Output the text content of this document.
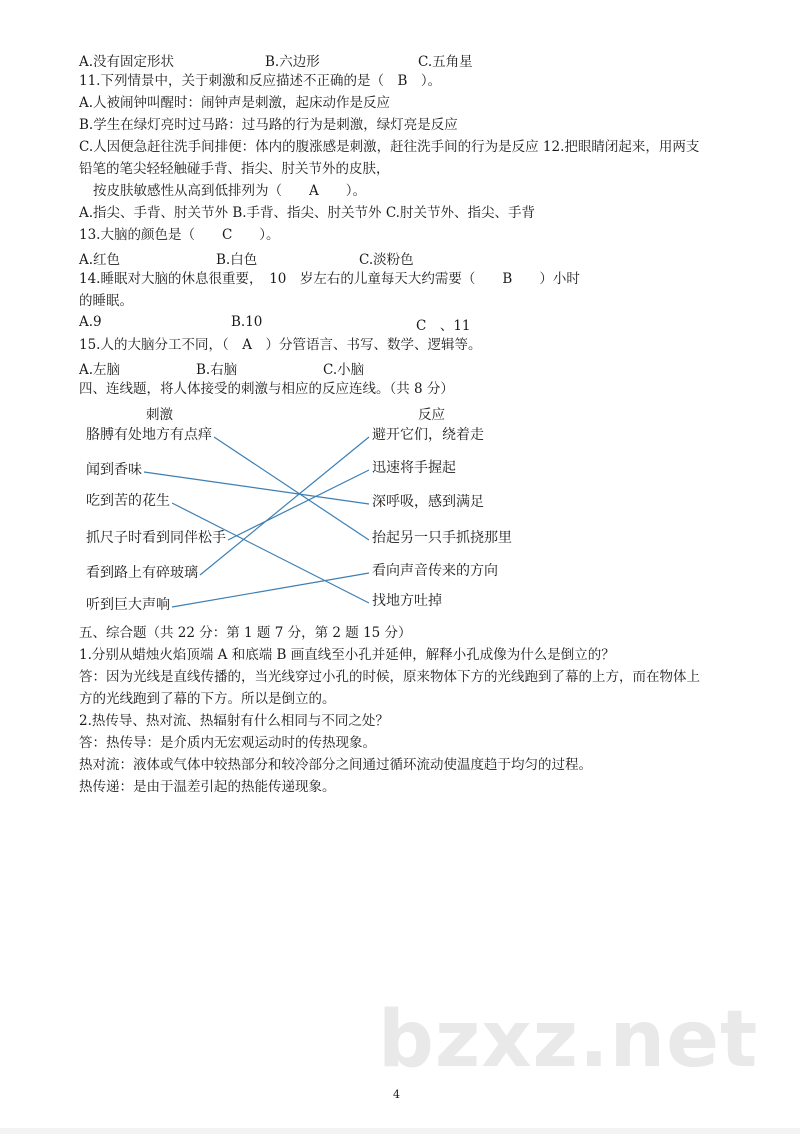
A.没有固定形状	B.六边形	C.五角星
11.下列情景中，关于刺激和反应描述不正确的是（　B　）。
A.人被闹钟叫醒时：闹钟声是刺激，起床动作是反应
B.学生在绿灯亮时过马路：过马路的行为是刺激，绿灯亮是反应
C.人因便急赶往洗手间排便：体内的腹涨感是刺激，赶往洗手间的行为是反应 12.把眼睛闭起来，用两支
铅笔的笔尖轻轻触碰手背、指尖、肘关节外的皮肤，
按皮肤敏感性从高到低排列为（　　A　　）。
A.指尖、手背、肘关节外 B.手背、指尖、肘关节外 C.肘关节外、指尖、手背
13.大脑的颜色是（　　C　　）。
A.红色	B.白色	C.淡粉色
14.睡眠对大脑的休息很重要，　10　岁左右的儿童每天大约需要（　　B　　）小时
的睡眠。
A.9	B.10	C　、11
15.人的大脑分工不同，（　A　）分管语言、书写、数学、逻辑等。
A.左脑	B.右脑	C.小脑
四、连线题，将人体接受的刺激与相应的反应连线。（共 8 分）
刺激	反应
胳膊有处地方有点痒
闻到香味
吃到苦的花生
抓尺子时看到同伴松手
看到路上有碎玻璃
听到巨大声响
避开它们，绕着走
迅速将手握起
深呼吸，感到满足
抬起另一只手抓挠那里
看向声音传来的方向
找地方吐掉
五、综合题（共 22 分：第 1 题 7 分，第 2 题 15 分）
1.分别从蜡烛火焰顶端 A 和底端 B 画直线至小孔并延伸，解释小孔成像为什么是倒立的？
答：因为光线是直线传播的，当光线穿过小孔的时候，原来物体下方的光线跑到了幕的上方，而在物体上
方的光线跑到了幕的下方。所以是倒立的。
2.热传导、热对流、热辐射有什么相同与不同之处？
答：热传导：是介质内无宏观运动时的传热现象。
热对流：液体或气体中较热部分和较冷部分之间通过循环流动使温度趋于均匀的过程。
热传递：是由于温差引起的热能传递现象。
bzxz.net
4
